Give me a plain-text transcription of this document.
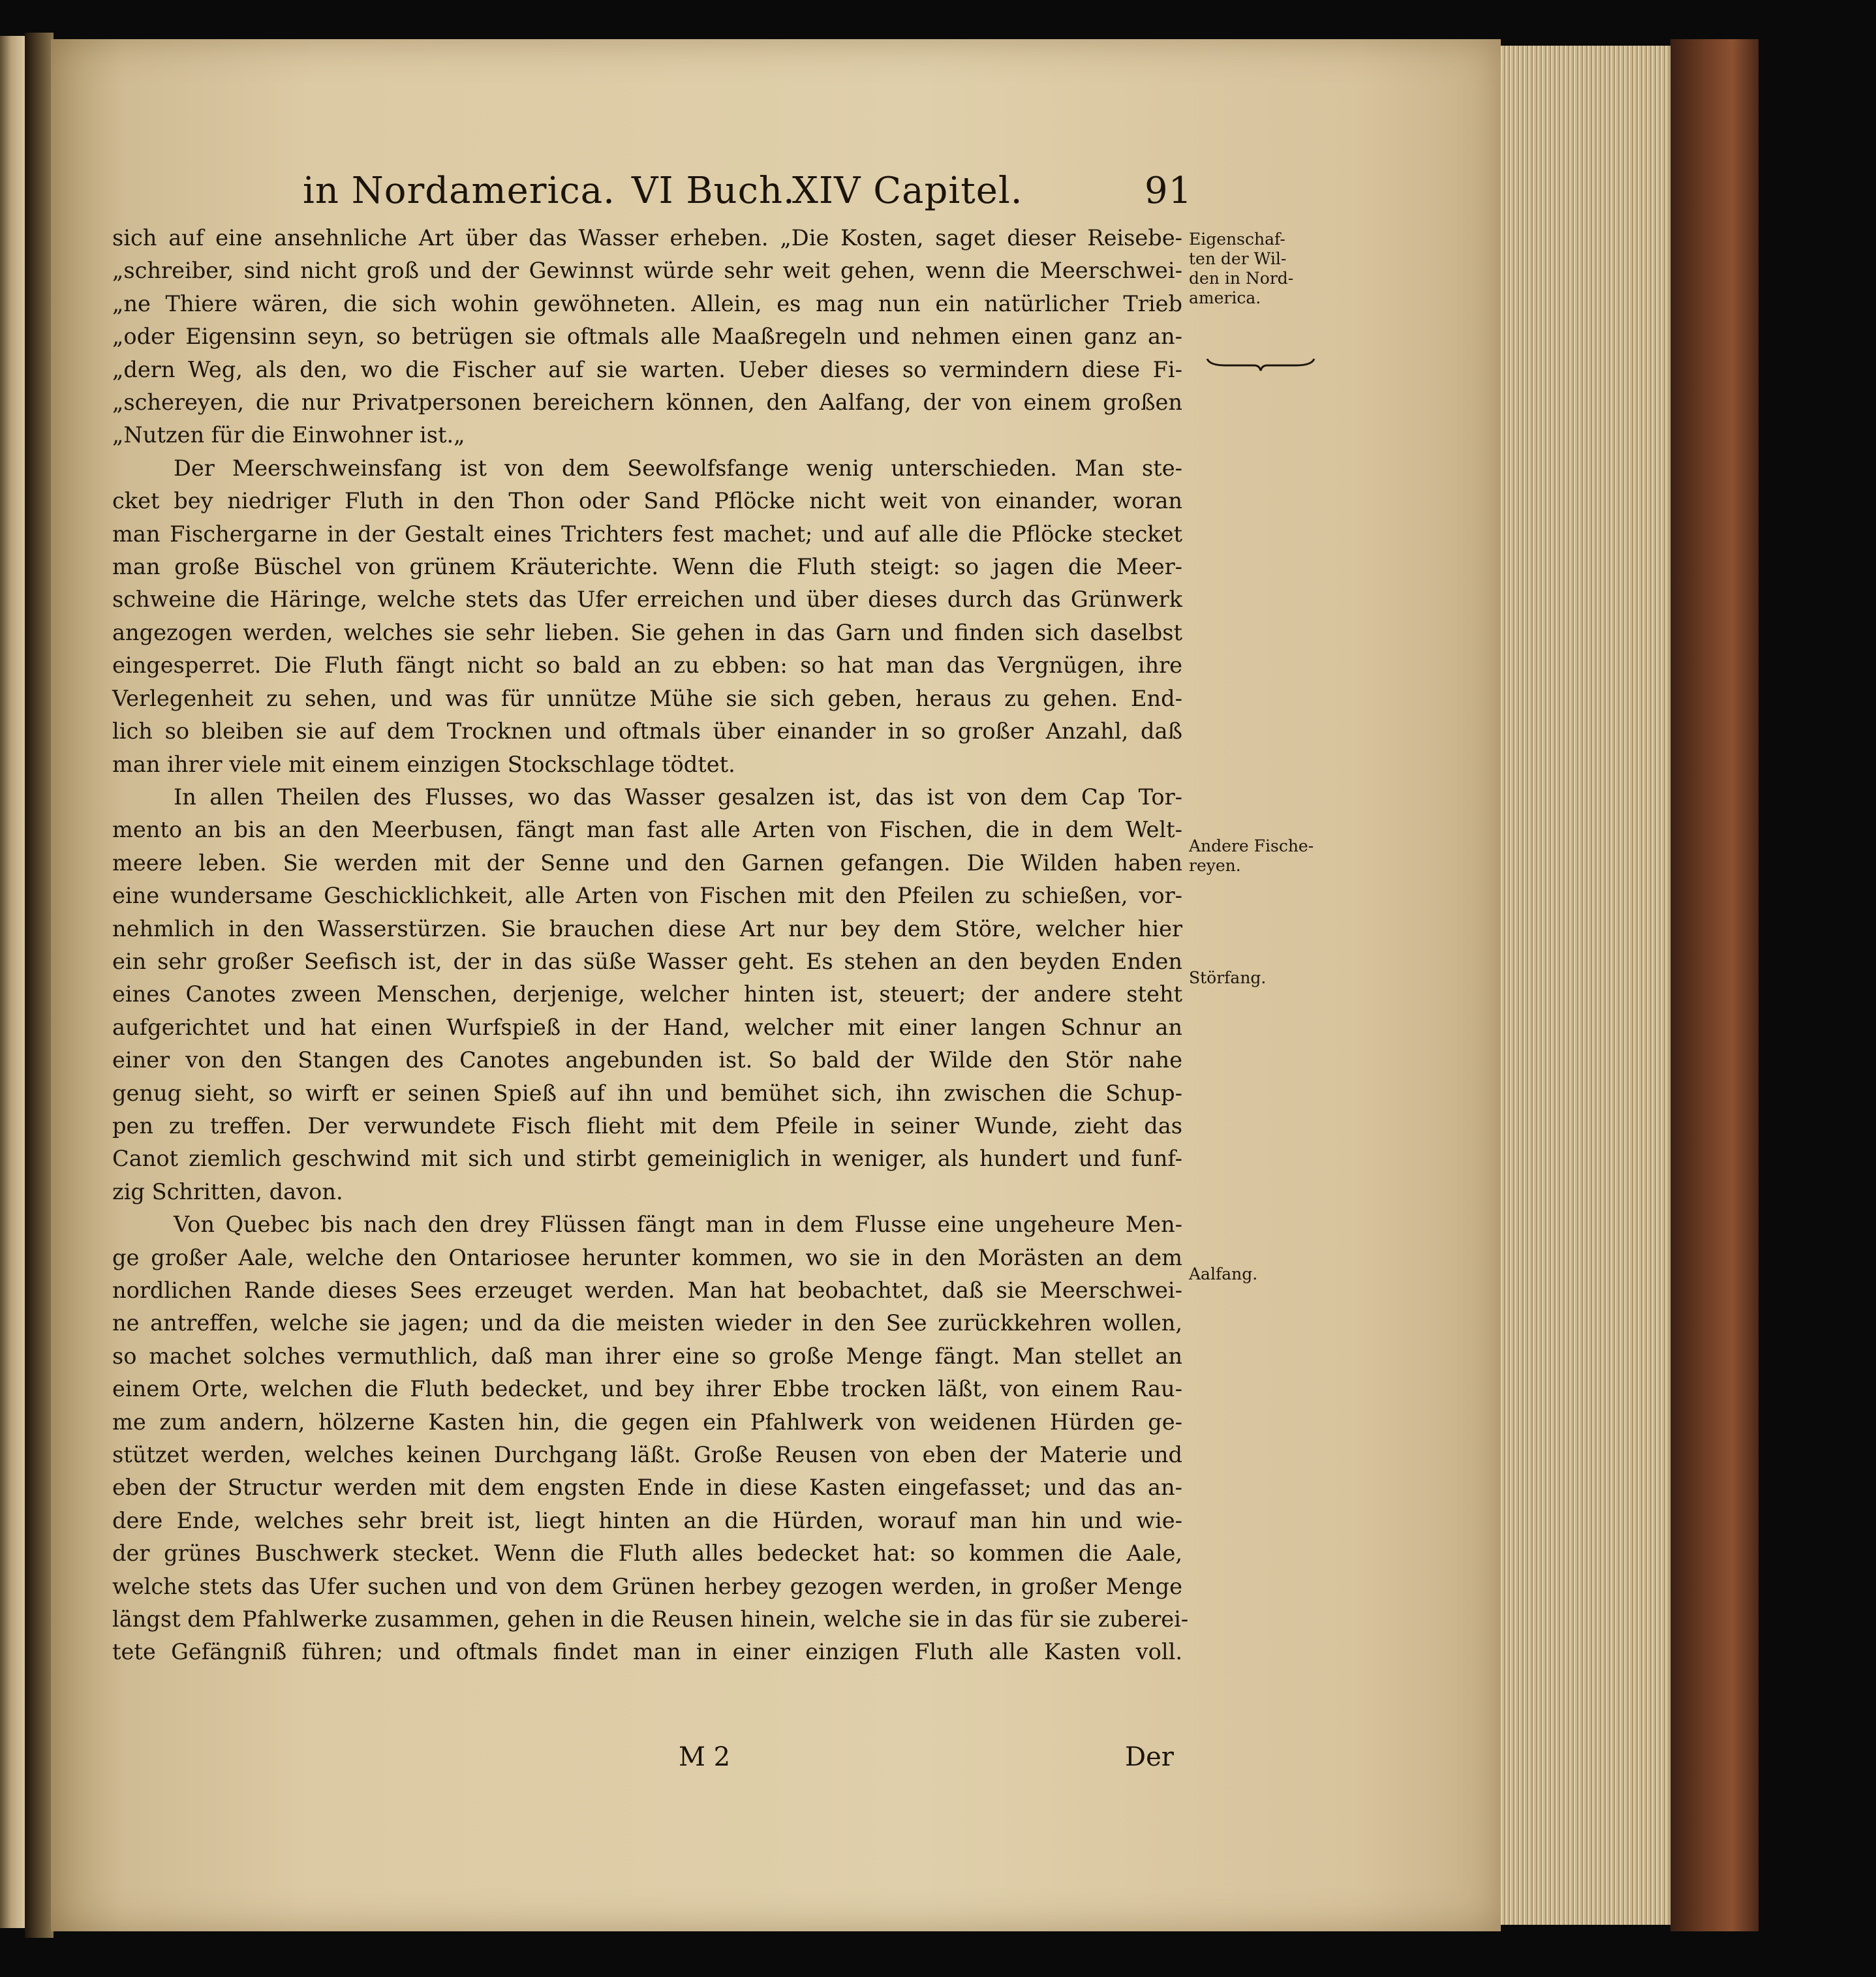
in Nordamerica. VI Buch.
XIV Capitel.	91
sich auf eine ansehnliche Art über das Wasser erheben. „Die Kosten, saget dieser Reisebe-
„schreiber, sind nicht groß und der Gewinnst würde sehr weit gehen, wenn die Meerschwei-
„ne Thiere wären, die sich wohin gewöhneten. Allein, es mag nun ein natürlicher Trieb
„oder Eigensinn seyn, so betrügen sie oftmals alle Maaßregeln und nehmen einen ganz an-
„dern Weg, als den, wo die Fischer auf sie warten. Ueber dieses so vermindern diese Fi-
„schereyen, die nur Privatpersonen bereichern können, den Aalfang, der von einem großen
„Nutzen für die Einwohner ist.„
Der Meerschweinsfang ist von dem Seewolfsfange wenig unterschieden. Man ste-
cket bey niedriger Fluth in den Thon oder Sand Pflöcke nicht weit von einander, woran
man Fischergarne in der Gestalt eines Trichters fest machet; und auf alle die Pflöcke stecket
man große Büschel von grünem Kräuterichte. Wenn die Fluth steigt: so jagen die Meer-
schweine die Häringe, welche stets das Ufer erreichen und über dieses durch das Grünwerk
angezogen werden, welches sie sehr lieben. Sie gehen in das Garn und finden sich daselbst
eingesperret. Die Fluth fängt nicht so bald an zu ebben: so hat man das Vergnügen, ihre
Verlegenheit zu sehen, und was für unnütze Mühe sie sich geben, heraus zu gehen. End-
lich so bleiben sie auf dem Trocknen und oftmals über einander in so großer Anzahl, daß
man ihrer viele mit einem einzigen Stockschlage tödtet.
In allen Theilen des Flusses, wo das Wasser gesalzen ist, das ist von dem Cap Tor-
mento an bis an den Meerbusen, fängt man fast alle Arten von Fischen, die in dem Welt-
meere leben. Sie werden mit der Senne und den Garnen gefangen. Die Wilden haben
eine wundersame Geschicklichkeit, alle Arten von Fischen mit den Pfeilen zu schießen, vor-
nehmlich in den Wasserstürzen. Sie brauchen diese Art nur bey dem Störe, welcher hier
ein sehr großer Seefisch ist, der in das süße Wasser geht. Es stehen an den beyden Enden
eines Canotes zween Menschen, derjenige, welcher hinten ist, steuert; der andere steht
aufgerichtet und hat einen Wurfspieß in der Hand, welcher mit einer langen Schnur an
einer von den Stangen des Canotes angebunden ist. So bald der Wilde den Stör nahe
genug sieht, so wirft er seinen Spieß auf ihn und bemühet sich, ihn zwischen die Schup-
pen zu treffen. Der verwundete Fisch flieht mit dem Pfeile in seiner Wunde, zieht das
Canot ziemlich geschwind mit sich und stirbt gemeiniglich in weniger, als hundert und funf-
zig Schritten, davon.
Von Quebec bis nach den drey Flüssen fängt man in dem Flusse eine ungeheure Men-
ge großer Aale, welche den Ontariosee herunter kommen, wo sie in den Morästen an dem
nordlichen Rande dieses Sees erzeuget werden. Man hat beobachtet, daß sie Meerschwei-
ne antreffen, welche sie jagen; und da die meisten wieder in den See zurückkehren wollen,
so machet solches vermuthlich, daß man ihrer eine so große Menge fängt. Man stellet an
einem Orte, welchen die Fluth bedecket, und bey ihrer Ebbe trocken läßt, von einem Rau-
me zum andern, hölzerne Kasten hin, die gegen ein Pfahlwerk von weidenen Hürden ge-
stützet werden, welches keinen Durchgang läßt. Große Reusen von eben der Materie und
eben der Structur werden mit dem engsten Ende in diese Kasten eingefasset; und das an-
dere Ende, welches sehr breit ist, liegt hinten an die Hürden, worauf man hin und wie-
der grünes Buschwerk stecket. Wenn die Fluth alles bedecket hat: so kommen die Aale,
welche stets das Ufer suchen und von dem Grünen herbey gezogen werden, in großer Menge
längst dem Pfahlwerke zusammen, gehen in die Reusen hinein, welche sie in das für sie zuberei-
tete Gefängniß führen; und oftmals findet man in einer einzigen Fluth alle Kasten voll.
Eigenschaf-
ten der Wil-
den in Nord-
america.
Andere Fische-
reyen.
Störfang.
Aalfang.
M 2	Der
